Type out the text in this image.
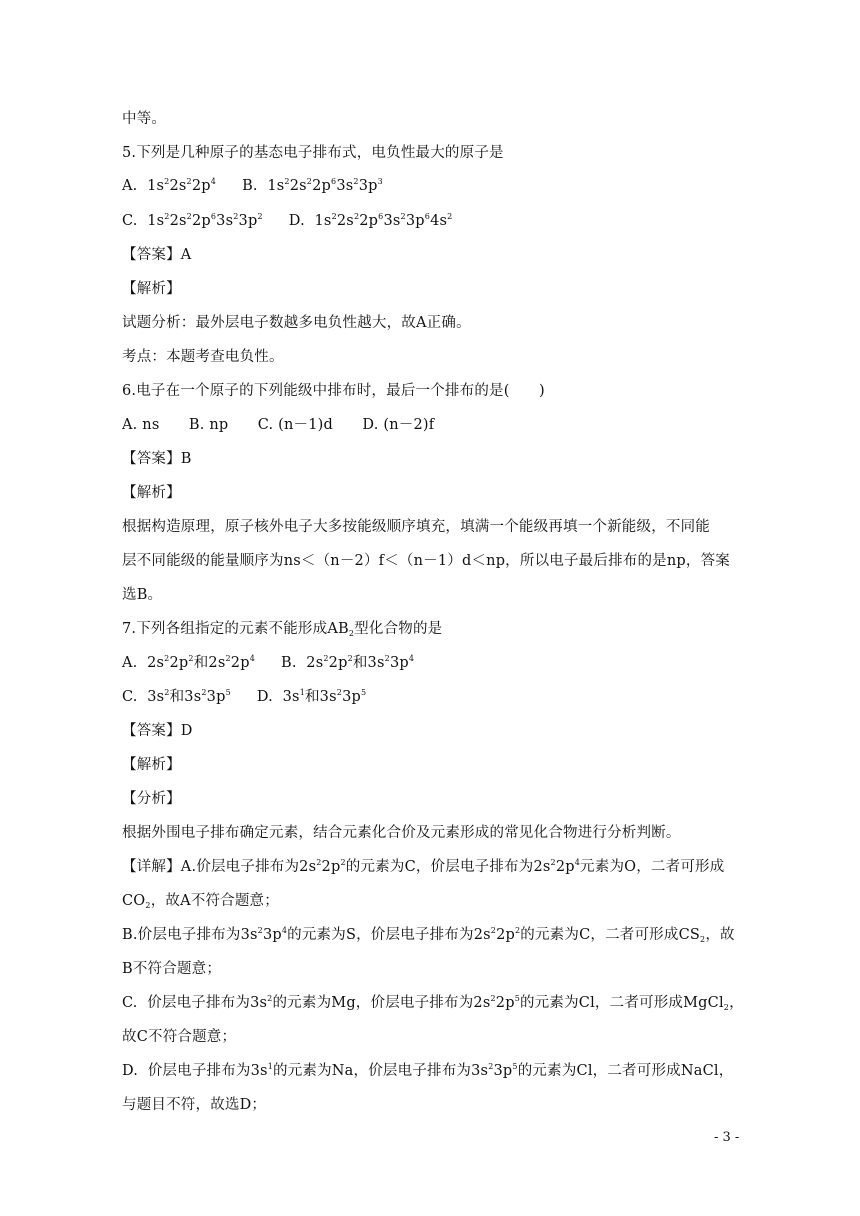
中等。
5.下列是几种原子的基态电子排布式，电负性最大的原子是
A.  $1s^22s^22p^4$ B.  $1s^22s^22p^63s^23p^3$
C.  $1s^22s^22p^63s^23p^2$ D.  $1s^22s^22p^63s^23p^64s^2$
【答案】A
【解析】
试题分析：最外层电子数越多电负性越大，故A正确。
考点：本题考查电负性。
6.电子在一个原子的下列能级中排布时，最后一个排布的是(　　)
A. ns　　B. np　　C. (n－1)d　　D. (n－2)f
【答案】B
【解析】
根据构造原理，原子核外电子大多按能级顺序填充，填满一个能级再填一个新能级，不同能
层不同能级的能量顺序为ns＜（n－2）f＜（n－1）d＜np，所以电子最后排布的是np，答案
选B。
7.下列各组指定的元素不能形成$AB_2$型化合物的是
A.  $2s^22p^2$和$2s^22p^4$ B.  $2s^22p^2$和$3s^23p^4$
C.  $3s^2$和$3s^23p^5$ D.  $3s^1$和$3s^23p^5$
【答案】D
【解析】
【分析】
根据外围电子排布确定元素，结合元素化合价及元素形成的常见化合物进行分析判断。
【详解】A.价层电子排布为$2s^22p^2$的元素为C，价层电子排布为$2s^22p^4$元素为O，二者可形成
$CO_2$，故A不符合题意；
B.价层电子排布为$3s^23p^4$的元素为S，价层电子排布为$2s^22p^2$的元素为C，二者可形成$CS_2$，故
B不符合题意；
C.  价层电子排布为$3s^2$的元素为Mg，价层电子排布为$2s^22p^5$的元素为Cl，二者可形成MgCl$_2$，
故C不符合题意；
D.  价层电子排布为$3s^1$的元素为Na，价层电子排布为$3s^23p^5$的元素为Cl，二者可形成NaCl，
与题目不符，故选D；
- 3 -
